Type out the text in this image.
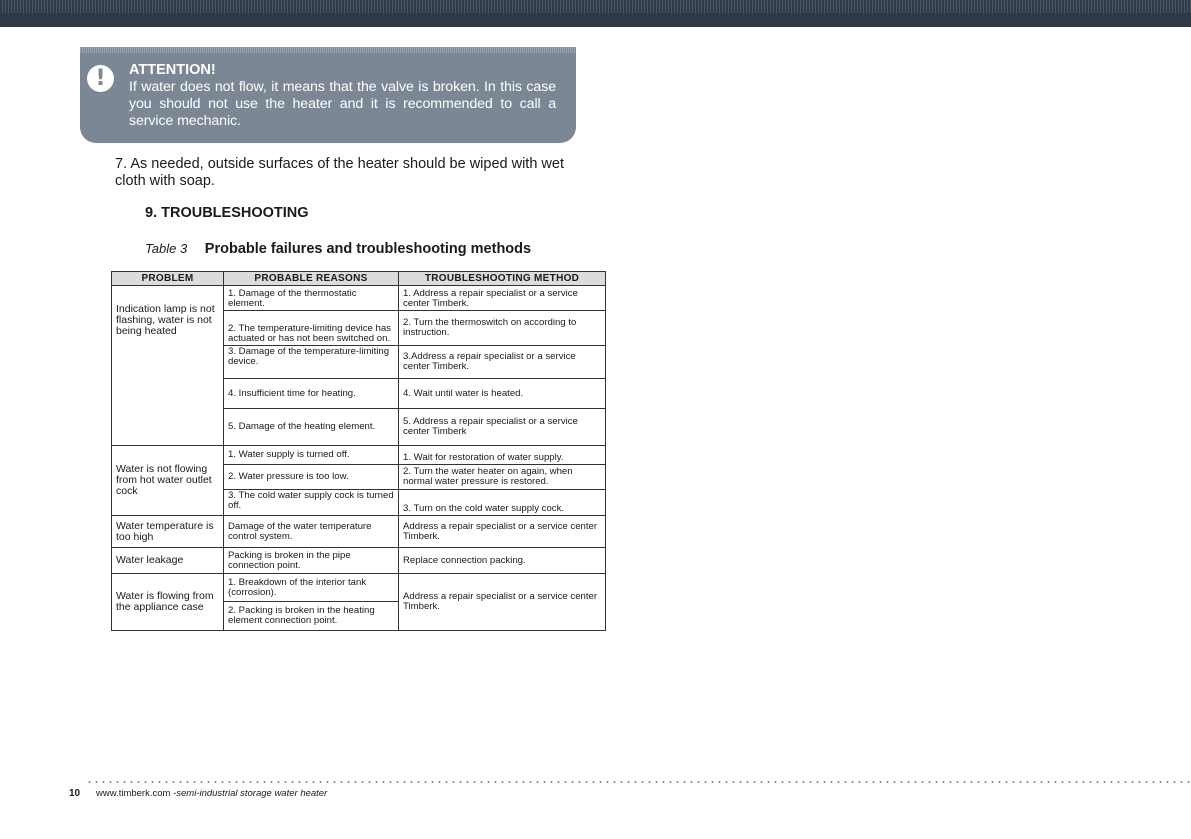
!	ATTENTION!
If water does not flow, it means that the valve is broken. In this case you should not use the heater and it is recommended to call a service mechanic.
7. As needed, outside surfaces of the heater should be wiped with wet cloth with soap.
9. TROUBLESHOOTING
Table 3 Probable failures and troubleshooting methods
PROBLEM	PROBABLE REASONS	TROUBLESHOOTING METHOD
Indication lamp is not flashing, water is not being heated	1. Damage of the thermostatic element.	1. Address a repair specialist or a service center Timberk.
	2. The temperature-limiting device has actuated or has not been switched on.	2. Turn the thermoswitch on according to instruction.
	3. Damage of the temperature-limiting device.	3.Address a repair specialist or a service center Timberk.
	4. Insufficient time for heating.	4. Wait until water is heated.
	5. Damage of the heating element.	5. Address a repair specialist or a service center Timberk
Water is not flowing from hot water outlet cock	1. Water supply is turned off.	1. Wait for restoration of water supply.
	2. Water pressure is too low.	2. Turn the water heater on again, when normal water pressure is restored.
	3. The cold water supply cock is turned off.	3. Turn on the cold water supply cock.
Water temperature is too high	Damage of the water temperature control system.	Address a repair specialist or a service center Timberk.
Water leakage	Packing is broken in the pipe connection point.	Replace connection packing.
Water is flowing from the appliance case	1. Breakdown of the interior tank (corrosion).	Address a repair specialist or a service center Timberk.
	2. Packing is broken in the heating element connection point.	
10 www.timberk.com -semi-industrial storage water heater
